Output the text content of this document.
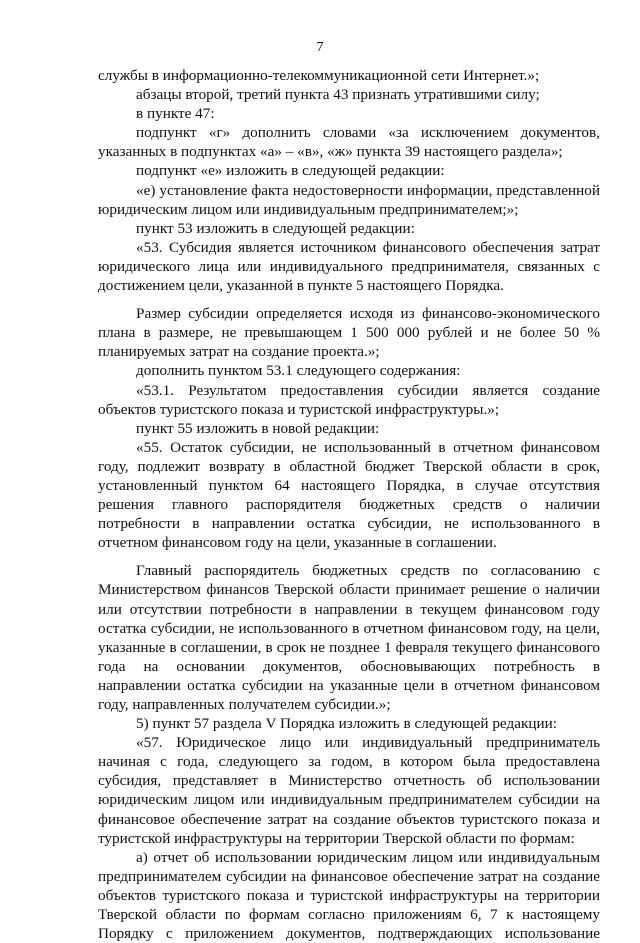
7

службы в информационно-телекоммуникационной сети Интернет.»;

абзацы второй, третий пункта 43 признать утратившими силу;

в пункте 47:

подпункт «г» дополнить словами «за исключением документов, указанных в подпунктах «а» – «в», «ж» пункта 39 настоящего раздела»;

подпункт «е» изложить в следующей редакции:

«е) установление факта недостоверности информации, представленной юридическим лицом или индивидуальным предпринимателем;»;

пункт 53 изложить в следующей редакции:

«53. Субсидия является источником финансового обеспечения затрат юридического лица или индивидуального предпринимателя, связанных с достижением цели, указанной в пункте 5 настоящего Порядка.

Размер субсидии определяется исходя из финансово-экономического плана в размере, не превышающем 1 500 000 рублей и не более 50 % планируемых затрат на создание проекта.»;

дополнить пунктом 53.1 следующего содержания:

«53.1. Результатом предоставления субсидии является создание объектов туристского показа и туристской инфраструктуры.»;

пункт 55 изложить в новой редакции:

«55. Остаток субсидии, не использованный в отчетном финансовом году, подлежит возврату в областной бюджет Тверской области в срок, установленный пунктом 64 настоящего Порядка, в случае отсутствия решения главного распорядителя бюджетных средств о наличии потребности в направлении остатка субсидии, не использованного в отчетном финансовом году на цели, указанные в соглашении.

Главный распорядитель бюджетных средств по согласованию с Министерством финансов Тверской области принимает решение о наличии или отсутствии потребности в направлении в текущем финансовом году остатка субсидии, не использованного в отчетном финансовом году, на цели, указанные в соглашении, в срок не позднее 1 февраля текущего финансового года на основании документов, обосновывающих потребность в направлении остатка субсидии на указанные цели в отчетном финансовом году, направленных получателем субсидии.»;

5) пункт 57 раздела V Порядка изложить в следующей редакции:

«57. Юридическое лицо или индивидуальный предприниматель начиная с года, следующего за годом, в котором была предоставлена субсидия, представляет в Министерство отчетность об использовании юридическим лицом или индивидуальным предпринимателем субсидии на финансовое обеспечение затрат на создание объектов туристского показа и туристской инфраструктуры на территории Тверской области по формам:

а) отчет об использовании юридическим лицом или индивидуальным предпринимателем субсидии на финансовое обеспечение затрат на создание объектов туристского показа и туристской инфраструктуры на территории Тверской области по формам согласно приложениям 6, 7 к настоящему Порядку с приложением документов, подтверждающих использование
